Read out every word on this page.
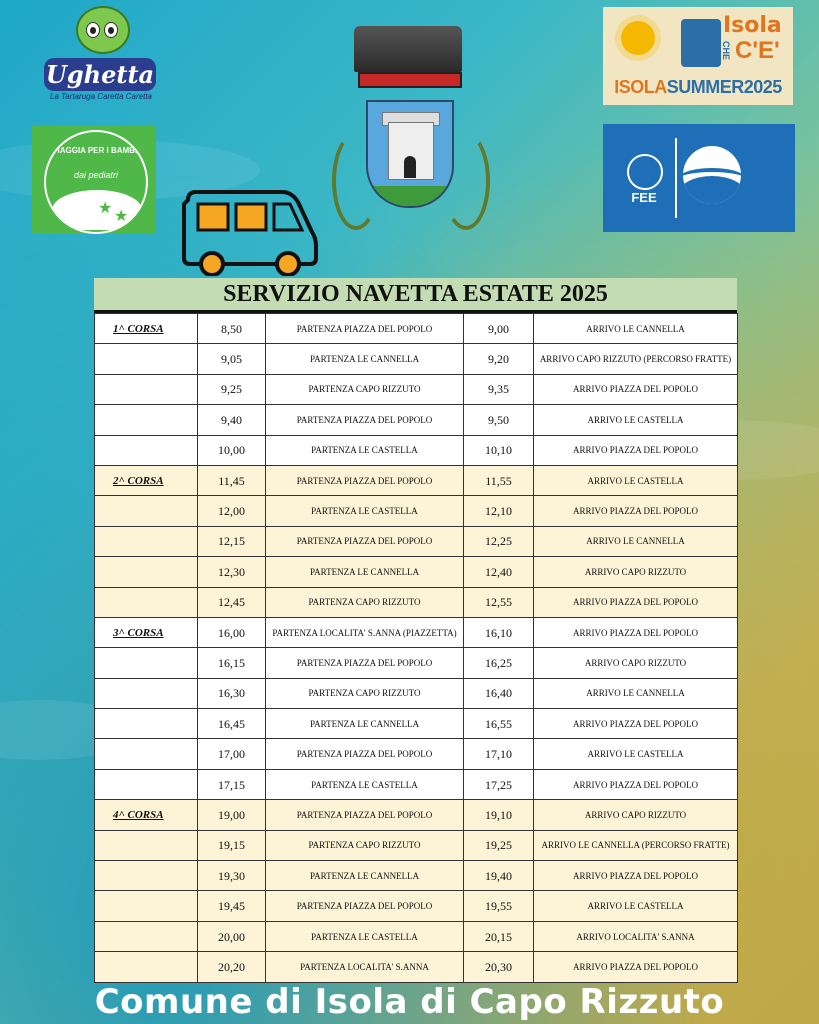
Ughetta
La Tartaruga Caretta Caretta
SPIAGGIA PER I BAMBINI
dai pediatri
★ ★
Isola
CHE C'E'
ISOLASUMMER2025
FEE
SERVIZIO NAVETTA ESTATE 2025
1^ CORSA	8,50	PARTENZA PIAZZA DEL POPOLO	9,00	ARRIVO LE CANNELLA
	9,05	PARTENZA LE CANNELLA	9,20	ARRIVO CAPO RIZZUTO (PERCORSO FRATTE)
	9,25	PARTENZA CAPO RIZZUTO	9,35	ARRIVO PIAZZA DEL POPOLO
	9,40	PARTENZA PIAZZA DEL POPOLO	9,50	ARRIVO LE CASTELLA
	10,00	PARTENZA LE CASTELLA	10,10	ARRIVO PIAZZA DEL POPOLO
2^ CORSA	11,45	PARTENZA PIAZZA DEL POPOLO	11,55	ARRIVO LE CASTELLA
	12,00	PARTENZA LE CASTELLA	12,10	ARRIVO PIAZZA DEL POPOLO
	12,15	PARTENZA PIAZZA DEL POPOLO	12,25	ARRIVO LE CANNELLA
	12,30	PARTENZA LE CANNELLA	12,40	ARRIVO CAPO RIZZUTO
	12,45	PARTENZA CAPO RIZZUTO	12,55	ARRIVO PIAZZA DEL POPOLO
3^ CORSA	16,00	PARTENZA LOCALITA' S.ANNA (PIAZZETTA)	16,10	ARRIVO PIAZZA DEL POPOLO
	16,15	PARTENZA PIAZZA DEL POPOLO	16,25	ARRIVO CAPO RIZZUTO
	16,30	PARTENZA CAPO RIZZUTO	16,40	ARRIVO LE CANNELLA
	16,45	PARTENZA LE CANNELLA	16,55	ARRIVO PIAZZA DEL POPOLO
	17,00	PARTENZA PIAZZA DEL POPOLO	17,10	ARRIVO LE CASTELLA
	17,15	PARTENZA LE CASTELLA	17,25	ARRIVO PIAZZA DEL POPOLO
4^ CORSA	19,00	PARTENZA PIAZZA DEL POPOLO	19,10	ARRIVO CAPO RIZZUTO
	19,15	PARTENZA CAPO RIZZUTO	19,25	ARRIVO LE CANNELLA (PERCORSO FRATTE)
	19,30	PARTENZA LE CANNELLA	19,40	ARRIVO PIAZZA DEL POPOLO
	19,45	PARTENZA PIAZZA DEL POPOLO	19,55	ARRIVO LE CASTELLA
	20,00	PARTENZA LE CASTELLA	20,15	ARRIVO LOCALITA' S.ANNA
	20,20	PARTENZA LOCALITA' S.ANNA	20,30	ARRIVO PIAZZA DEL POPOLO
Comune di Isola di Capo Rizzuto
